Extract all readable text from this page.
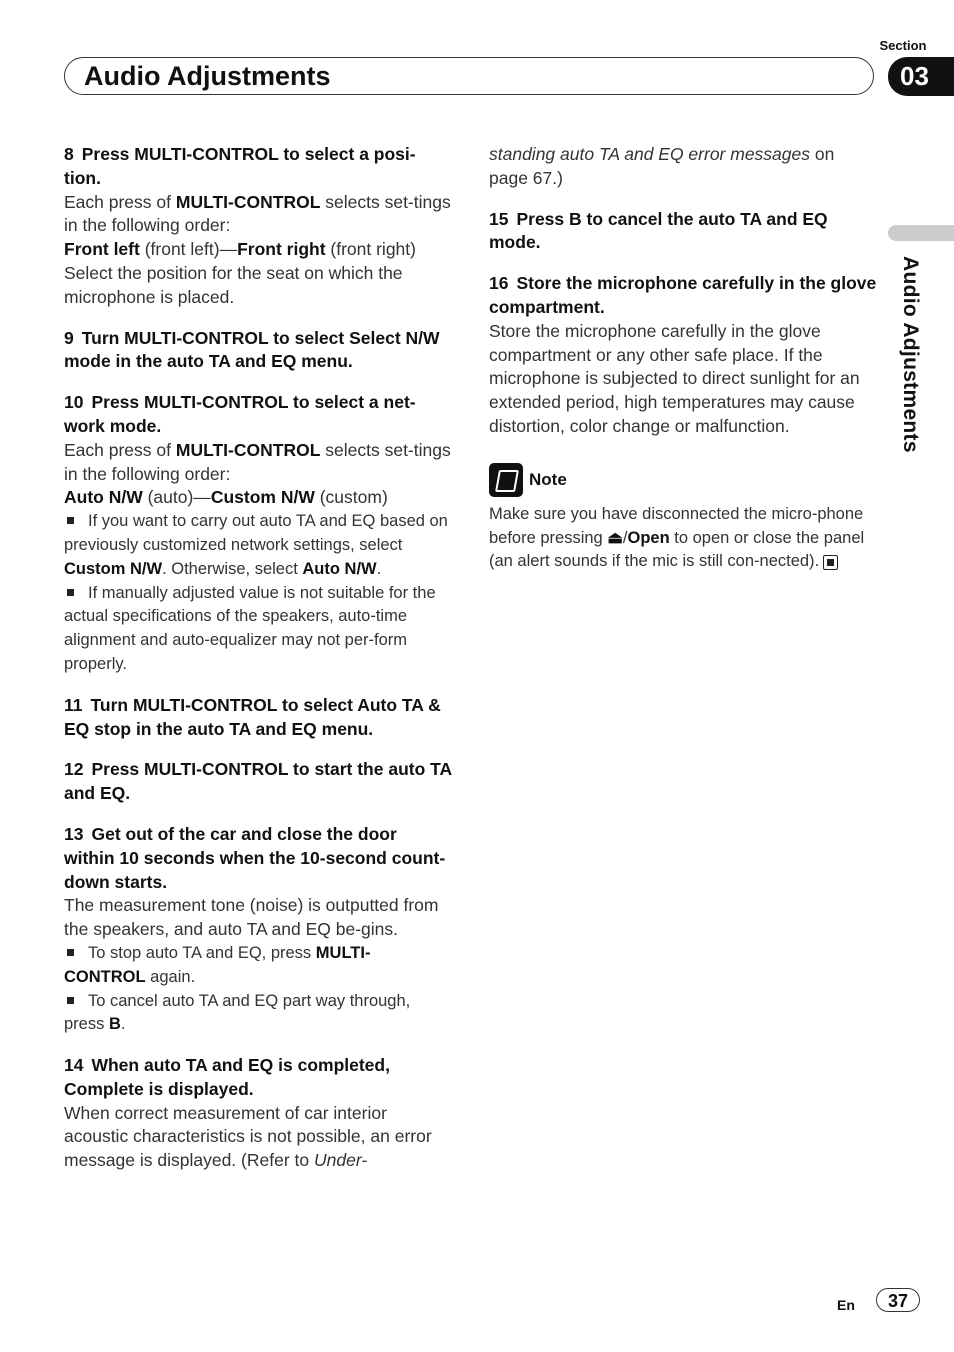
Section
Audio Adjustments	03
Audio Adjustments
8 Press MULTI-CONTROL to select a posi-tion.

Each press of MULTI-CONTROL selects set-tings in the following order:

Front left (front left)—Front right (front right)

Select the position for the seat on which the microphone is placed.

9 Turn MULTI-CONTROL to select Select N/W mode in the auto TA and EQ menu.
10 Press MULTI-CONTROL to select a net-work mode.

Each press of MULTI-CONTROL selects set-tings in the following order:

Auto N/W (auto)—Custom N/W (custom)

If you want to carry out auto TA and EQ based on previously customized network settings, select Custom N/W. Otherwise, select Auto N/W.

If manually adjusted value is not suitable for the actual specifications of the speakers, auto-time alignment and auto-equalizer may not per-form properly.

11 Turn MULTI-CONTROL to select Auto TA & EQ stop in the auto TA and EQ menu.
12 Press MULTI-CONTROL to start the auto TA and EQ.
13 Get out of the car and close the door within 10 seconds when the 10-second count-down starts.

The measurement tone (noise) is outputted from the speakers, and auto TA and EQ be-gins.

To stop auto TA and EQ, press MULTI-CONTROL again.

To cancel auto TA and EQ part way through, press B.

14 When auto TA and EQ is completed, Complete is displayed.

When correct measurement of car interior acoustic characteristics is not possible, an error message is displayed. (Refer to Under-

standing auto TA and EQ error messages on page 67.)

15 Press B to cancel the auto TA and EQ mode.
16 Store the microphone carefully in the glove compartment.

Store the microphone carefully in the glove compartment or any other safe place. If the microphone is subjected to direct sunlight for an extended period, high temperatures may cause distortion, color change or malfunction.

Note

Make sure you have disconnected the micro-phone before pressing ⏏/Open to open or close the panel (an alert sounds if the mic is still con-nected).

En	37
